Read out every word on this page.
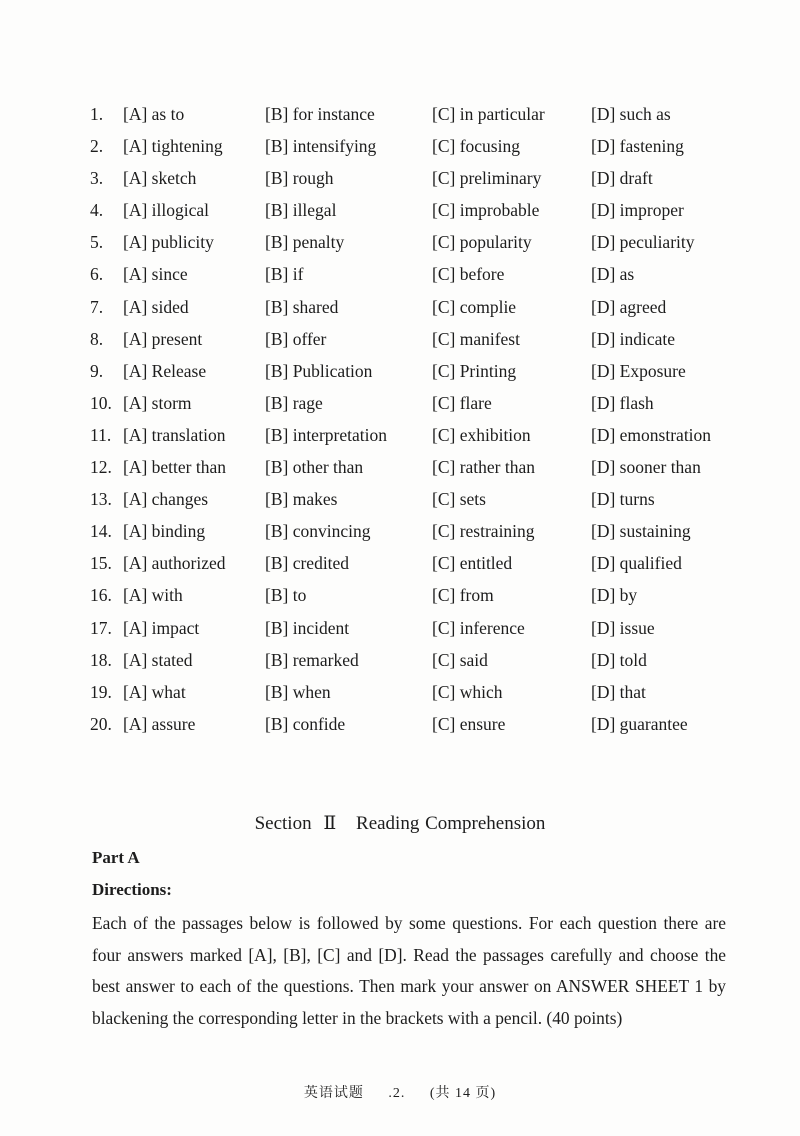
1. [A] as to	[B] for instance	[C] in particular	[D] such as
2. [A] tightening [B] intensifying	[C] focusing	[D] fastening
3. [A] sketch	[B] rough	[C] preliminary	[D] draft
4. [A] illogical	[B] illegal	[C] improbable	[D] improper
5. [A] publicity	[B] penalty	[C] popularity	[D] peculiarity
6. [A] since	[B] if	[C] before	[D] as
7. [A] sided	[B] shared	[C] complie	[D] agreed
8. [A] present	[B] offer	[C] manifest	[D] indicate
9. [A] Release	[B] Publication	[C] Printing	[D] Exposure
10. [A] storm	[B] rage	[C] flare	[D] flash
11. [A] translation [B] interpretation	[C] exhibition	[D] emonstration
12. [A] better than [B] other than	[C] rather than	[D] sooner than
13. [A] changes	[B] makes	[C] sets	[D] turns
14. [A] binding	[B] convincing	[C] restraining	[D] sustaining
15. [A] authorized [B] credited	[C] entitled	[D] qualified
16. [A] with	[B] to	[C] from	[D] by
17. [A] impact	[B] incident	[C] inference	[D] issue
18. [A] stated	[B] remarked	[C] said	[D] told
19. [A] what	[B] when	[C] which	[D] that
20. [A] assure	[B] confide	[C] ensure	[D] guarantee
Section Ⅱ Reading Comprehension
Part A
Directions:
Each of the passages below is followed by some questions. For each question there are four answers marked [A], [B], [C] and [D]. Read the passages carefully and choose the best answer to each of the questions. Then mark your answer on ANSWER SHEET 1 by blackening the corresponding letter in the brackets with a pencil. (40 points)
英语试题 .2. (共 14 页)
